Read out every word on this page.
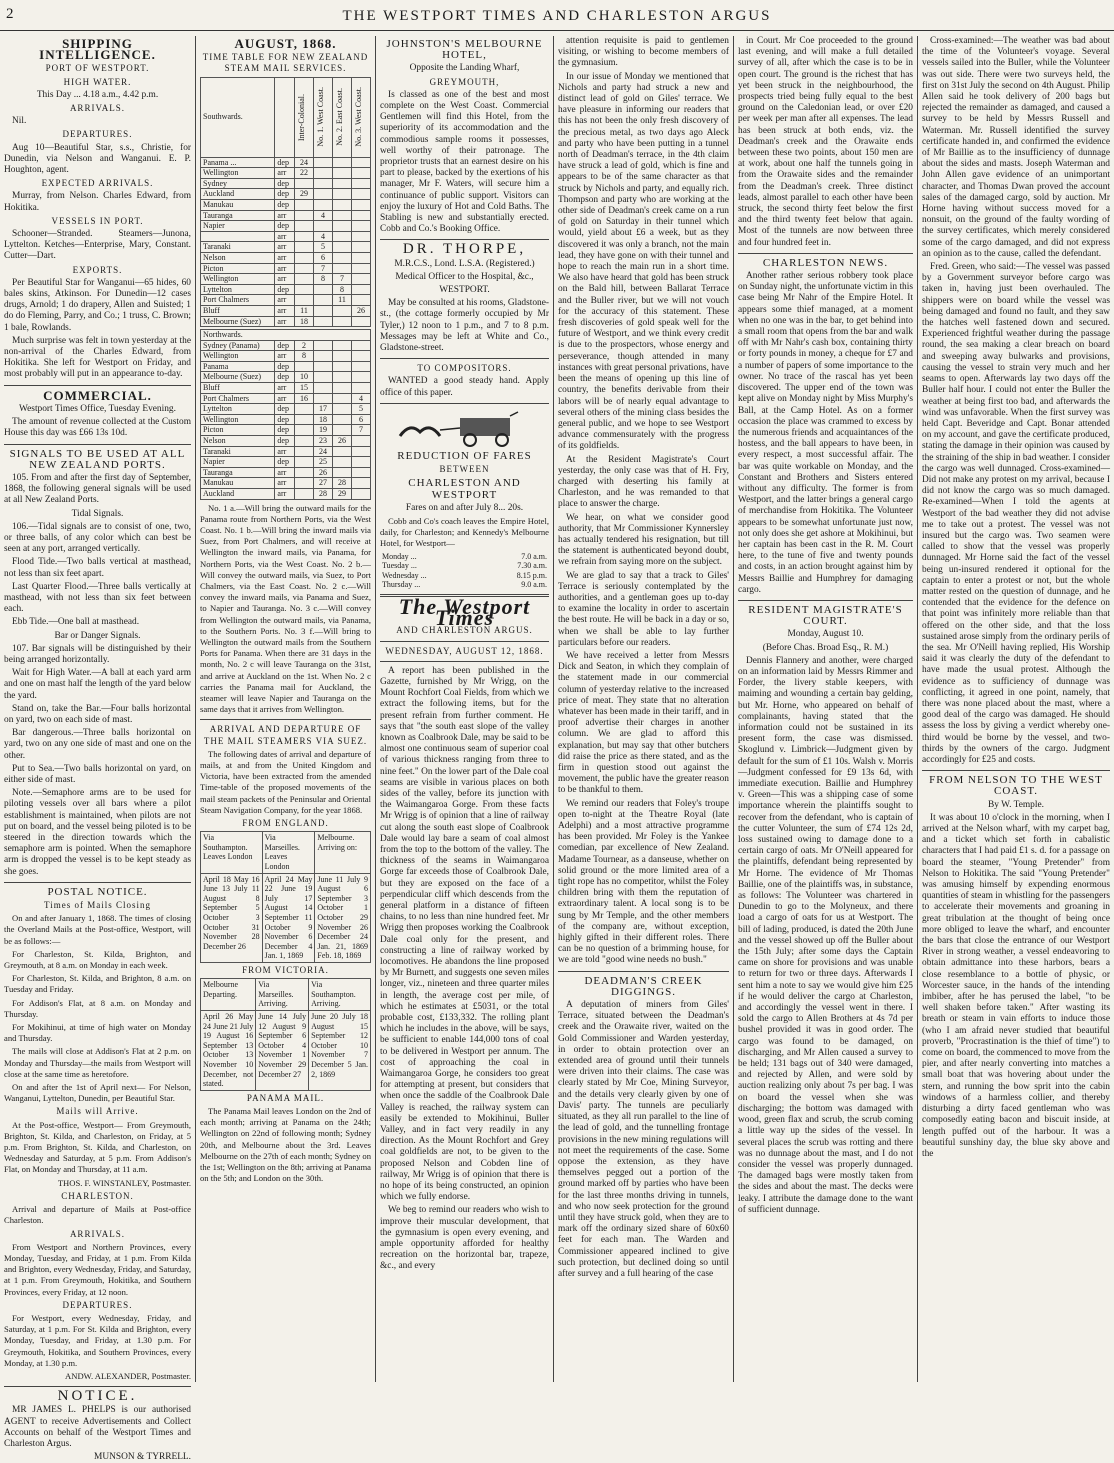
2	THE WESTPORT TIMES AND CHARLESTON ARGUS
SHIPPING INTELLIGENCE.
PORT OF WESTPORT.
HIGH WATER.

This Day ... 4.18 a.m., 4.42 p.m.

ARRIVALS.

Nil.

DEPARTURES.

Aug 10—Beautiful Star, s.s., Christie, for Dunedin, via Nelson and Wanganui. E. P. Houghton, agent.

EXPECTED ARRIVALS.

Murray, from Nelson. Charles Edward, from Hokitika.

VESSELS IN PORT.

Schooner—Stranded. Steamers—Junona, Lyttelton. Ketches—Enterprise, Mary, Constant. Cutter—Dart.

EXPORTS.

Per Beautiful Star for Wanganui—65 hides, 60 bales skins, Atkinson. For Dunedin—12 cases drugs, Arnold; 1 do drapery, Allen and Suisted; 1 do do Fleming, Parry, and Co.; 1 truss, C. Brown; 1 bale, Rowlands.

Much surprise was felt in town yesterday at the non-arrival of the Charles Edward, from Hokitika. She left for Westport on Friday, and most probably will put in an appearance to-day.

COMMERCIAL.

Westport Times Office, Tuesday Evening.

The amount of revenue collected at the Custom House this day was £66 13s 10d.

SIGNALS TO BE USED AT ALL NEW ZEALAND PORTS.

105. From and after the first day of September, 1868, the following general signals will be used at all New Zealand Ports.

Tidal Signals.

106.—Tidal signals are to consist of one, two, or three balls, of any color which can best be seen at any port, arranged vertically.

Flood Tide.—Two balls vertical at masthead, not less than six feet apart.

Last Quarter Flood.—Three balls vertically at masthead, with not less than six feet between each.

Ebb Tide.—One ball at masthead.

Bar or Danger Signals.

107. Bar signals will be distinguished by their being arranged horizontally.

Wait for High Water.—A ball at each yard arm and one on mast half the length of the yard below the yard.

Stand on, take the Bar.—Four balls horizontal on yard, two on each side of mast.

Bar dangerous.—Three balls horizontal on yard, two on any one side of mast and one on the other.

Put to Sea.—Two balls horizontal on yard, on either side of mast.

Note.—Semaphore arms are to be used for piloting vessels over all bars where a pilot establishment is maintained, when pilots are not put on board, and the vessel being piloted is to be steered in the direction towards which the semaphore arm is pointed. When the semaphore arm is dropped the vessel is to be kept steady as she goes.

POSTAL NOTICE.
Times of Mails Closing

On and after January 1, 1868. The times of closing the Overland Mails at the Post-office, Westport, will be as follows:—

For Charleston, St. Kilda, Brighton, and Greymouth, at 8 a.m. on Monday in each week.

For Charleston, St. Kilda, and Brighton, 8 a.m. on Tuesday and Friday.

For Addison's Flat, at 8 a.m. on Monday and Thursday.

For Mokihinui, at time of high water on Monday and Thursday.

The mails will close at Addison's Flat at 2 p.m. on Monday and Thursday—the mails from Westport will close at the same time as heretofore.

On and after the 1st of April next— For Nelson, Wanganui, Lyttelton, Dunedin, per Beautiful Star.

Mails will Arrive.

At the Post-office, Westport— From Greymouth, Brighton, St. Kilda, and Charleston, on Friday, at 5 p.m. From Brighton, St. Kilda, and Charleston, on Wednesday and Saturday, at 5 p.m. From Addison's Flat, on Monday and Thursday, at 11 a.m.

THOS. F. WINSTANLEY, Postmaster.

CHARLESTON.

Arrival and departure of Mails at Post-office Charleston.

ARRIVALS.

From Westport and Northern Provinces, every Monday, Tuesday, and Friday, at 1 p.m. From Kilda and Brighton, every Wednesday, Friday, and Saturday, at 1 p.m. From Greymouth, Hokitika, and Southern Provinces, every Friday, at 12 noon.

DEPARTURES.

For Westport, every Wednesday, Friday, and Saturday, at 1 p.m. For St. Kilda and Brighton, every Monday, Tuesday, and Friday, at 1.30 p.m. For Greymouth, Hokitika, and Southern Provinces, every Monday, at 1.30 p.m.

ANDW. ALEXANDER, Postmaster.

NOTICE.

MR JAMES L. PHELPS is our authorised AGENT to receive Advertisements and Collect Accounts on behalf of the Westport Times and Charleston Argus.

MUNSON & TYRRELL.

AUGUST, 1868.
TIME TABLE FOR NEW ZEALAND STEAM MAIL SERVICES.
Southwards.		Inter-Colonial.	No. 1. West Coast.	No. 2. East Coast.	No. 3. West Coast.

Panama ...	dep	24			
Wellington	arr	22			
Sydney	dep				
Auckland	dep	29			
Manukau	dep				
Tauranga	arr		4		
Napier	dep				
	arr		4		
Taranaki	arr		5		
Nelson	arr		6		
Picton	arr		7		
Wellington	arr		8	7	
Lyttelton	dep			8	
Port Chalmers	arr			11	
Bluff	arr	11			26
Melbourne (Suez)	arr	18			
Northwards.					
Sydney (Panama)	dep	2			
Wellington	arr	8			
Panama	dep				
Melbourne (Suez)	dep	10			
Bluff	arr	15			
Port Chalmers	arr	16			4
Lyttelton	dep		17		5
Wellington	dep		18		6
Picton	dep		19		7
Nelson	dep		23	26	
Taranaki	arr		24		
Napier	dep		25		
Tauranga	arr		26		
Manukau	arr		27	28	
Auckland	arr		28	29	

No. 1 a.—Will bring the outward mails for the Panama route from Northern Ports, via the West Coast. No. 1 b.—Will bring the inward mails via Suez, from Port Chalmers, and will receive at Wellington the inward mails, via Panama, for Northern Ports, via the West Coast. No. 2 b.—Will convey the outward mails, via Suez, to Port Chalmers, via the East Coast. No. 2 c.—Will convey the inward mails, via Panama and Suez, to Napier and Tauranga. No. 3 c.—Will convey from Wellington the outward mails, via Panama, to the Southern Ports. No. 3 f.—Will bring to Wellington the outward mails from the Southern Ports for Panama. When there are 31 days in the month, No. 2 c will leave Tauranga on the 31st, and arrive at Auckland on the 1st. When No. 2 c carries the Panama mail for Auckland, the steamer will leave Napier and Tauranga on the same days that it arrives from Wellington.

ARRIVAL AND DEPARTURE OF THE MAIL STEAMERS VIA SUEZ.

The following dates of arrival and departure of mails, at and from the United Kingdom and Victoria, have been extracted from the amended Time-table of the proposed movements of the mail steam packets of the Peninsular and Oriental Steam Navigation Company, for the year 1868.

FROM ENGLAND.
Via Southampton. Leaves London	Via Marseilles. Leaves London	Melbourne. Arriving on:
April 18 May 16 June 13 July 11 August 8 September 5 October 3 October 31 November 28 December 26	April 24 May 22 June 19 July 17 August 14 September 11 October 9 November 6 December 4 Jan. 1, 1869	June 11 July 9 August 6 September 3 October 1 October 29 November 26 December 24 Jan. 21, 1869 Feb. 18, 1869
FROM VICTORIA.
Melbourne Departing.	Via Marseilles. Arriving.	Via Southampton. Arriving.
April 26 May 24 June 21 July 19 August 16 September 13 October 13 November 10 December, not stated.	June 14 July 12 August 9 September 6 October 4 November 1 November 29 December 27	June 20 July 18 August 15 September 12 October 10 November 7 December 5 Jan. 2, 1869
PANAMA MAIL.

The Panama Mail leaves London on the 2nd of each month; arriving at Panama on the 24th; Wellington on 22nd of following month; Sydney 20th, and Melbourne about the 3rd. Leaves Melbourne on the 27th of each month; Sydney on the 1st; Wellington on the 8th; arriving at Panama on the 5th; and London on the 30th.

JOHNSTON'S MELBOURNE HOTEL,

Opposite the Landing Wharf,

GREYMOUTH,

Is classed as one of the best and most complete on the West Coast. Commercial Gentlemen will find this Hotel, from the superiority of its accommodation and the commodious sample rooms it possesses, well worthy of their patronage. The proprietor trusts that an earnest desire on his part to please, backed by the exertions of his manager, Mr F. Waters, will secure him a continuance of public support. Visitors can enjoy the luxury of Hot and Cold Baths. The Stabling is new and substantially erected. Cobb and Co.'s Booking Office.

DR. THORPE,

M.R.C.S., Lond. L.S.A. (Registered.)

Medical Officer to the Hospital, &c.,

WESTPORT.

May be consulted at his rooms, Gladstone-st., (the cottage formerly occupied by Mr Tyler,) 12 noon to 1 p.m., and 7 to 8 p.m. Messages may be left at White and Co., Gladstone-street.

TO COMPOSITORS.

WANTED a good steady hand. Apply office of this paper.

REDUCTION OF FARES
BETWEEN
CHARLESTON AND WESTPORT

Fares on and after July 8... 20s.

Cobb and Co's coach leaves the Empire Hotel, daily, for Charleston; and Kennedy's Melbourne Hotel, for Westport—

Monday ...	7.0 a.m.
Tuesday ...	7.30 a.m.
Wednesday ...	8.15 p.m.
Thursday ...	9.0 a.m.
The Westport Times
AND CHARLESTON ARGUS.
WEDNESDAY, AUGUST 12, 1868.

A report has been published in the Gazette, furnished by Mr Wrigg, on the Mount Rochfort Coal Fields, from which we extract the following items, but for the present refrain from further comment. He says that "the south east slope of the valley known as Coalbrook Dale, may be said to be almost one continuous seam of superior coal of various thickness ranging from three to nine feet." On the lower part of the Dale coal seams are visible in various places on both sides of the valley, before its junction with the Waimangaroa Gorge. From these facts Mr Wrigg is of opinion that a line of railway cut along the south east slope of Coalbrook Dale would lay bare a seam of coal almost from the top to the bottom of the valley. The thickness of the seams in Waimangaroa Gorge far exceeds those of Coalbrook Dale, but they are exposed on the face of a perpendicular cliff which descends from the general platform in a distance of fifteen chains, to no less than nine hundred feet. Mr Wrigg then proposes working the Coalbrook Dale coal only for the present, and constructing a line of railway worked by locomotives. He abandons the line proposed by Mr Burnett, and suggests one seven miles longer, viz., nineteen and three quarter miles in length, the average cost per mile, of which he estimates at £5031, or the total probable cost, £133,332. The rolling plant which he includes in the above, will be says, be sufficient to enable 144,000 tons of coal to be delivered in Westport per annum. The cost of approaching the coal in Waimangaroa Gorge, he considers too great for attempting at present, but considers that when once the saddle of the Coalbrook Dale Valley is reached, the railway system can easily be extended to Mokihinui, Buller Valley, and in fact very readily in any direction. As the Mount Rochfort and Grey coal goldfields are not, to be given to the proposed Nelson and Cobden line of railway, Mr Wrigg is of opinion that there is no hope of its being constructed, an opinion which we fully endorse.

We beg to remind our readers who wish to improve their muscular development, that the gymnasium is open every evening, and ample opportunity afforded for healthy recreation on the horizontal bar, trapeze, &c., and every

attention requisite is paid to gentlemen visiting, or wishing to become members of the gymnasium.

In our issue of Monday we mentioned that Nichols and party had struck a new and distinct lead of gold on Giles' terrace. We have pleasure in informing our readers that this has not been the only fresh discovery of the precious metal, as two days ago Aleck and party who have been putting in a tunnel north of Deadman's terrace, in the 4th claim have struck a lead of gold, which is fine and appears to be of the same character as that struck by Nichols and party, and equally rich. Thompson and party who are working at the other side of Deadman's creek came on a run of gold on Saturday in their tunnel which would, yield about £6 a week, but as they discovered it was only a branch, not the main lead, they have gone on with their tunnel and hope to reach the main run in a short time. We also have heard that gold has been struck on the Bald hill, between Ballarat Terrace and the Buller river, but we will not vouch for the accuracy of this statement. These fresh discoveries of gold speak well for the future of Westport, and we think every credit is due to the prospectors, whose energy and perseverance, though attended in many instances with great personal privations, have been the means of opening up this line of country, the benefits derivable from their labors will be of nearly equal advantage to several others of the mining class besides the general public, and we hope to see Westport advance commensurately with the progress of its goldfields.

At the Resident Magistrate's Court yesterday, the only case was that of H. Fry, charged with deserting his family at Charleston, and he was remanded to that place to answer the charge.

We hear, on what we consider good authority, that Mr Commissioner Kynnersley has actually tendered his resignation, but till the statement is authenticated beyond doubt, we refrain from saying more on the subject.

We are glad to say that a track to Giles' Terrace is seriously contemplated by the authorities, and a gentleman goes up to-day to examine the locality in order to ascertain the best route. He will be back in a day or so, when we shall be able to lay further particulars before our readers.

We have received a letter from Messrs Dick and Seaton, in which they complain of the statement made in our commercial column of yesterday relative to the increased price of meat. They state that no alteration whatever has been made in their tariff, and in proof advertise their charges in another column. We are glad to afford this explanation, but may say that other butchers did raise the price as there stated, and as the firm in question stood out against the movement, the public have the greater reason to be thankful to them.

We remind our readers that Foley's troupe open to-night at the Theatre Royal (late Adelphi) and a most attractive programme has been provided. Mr Foley is the Yankee comedian, par excellence of New Zealand. Madame Tournear, as a danseuse, whether on solid ground or the more limited area of a tight rope has no competitor, whilst the Foley children bring with them the reputation of extraordinary talent. A local song is to be sung by Mr Temple, and the other members of the company are, without exception, highly gifted in their different roles. There can be no question of a brimming house, for we are told "good wine needs no bush."

DEADMAN'S CREEK DIGGINGS.

A deputation of miners from Giles' Terrace, situated between the Deadman's creek and the Orawaite river, waited on the Gold Commissioner and Warden yesterday, in order to obtain protection over an extended area of ground until their tunnels were driven into their claims. The case was clearly stated by Mr Coe, Mining Surveyor, and the details very clearly given by one of Davis' party. The tunnels are peculiarly situated, as they all run parallel to the line of the lead of gold, and the tunnelling frontage provisions in the new mining regulations will not meet the requirements of the case. Some oppose the extension, as they have themselves pegged out a portion of the ground marked off by parties who have been for the last three months driving in tunnels, and who now seek protection for the ground until they have struck gold, when they are to mark off the ordinary sized share of 60x60 feet for each man. The Warden and Commissioner appeared inclined to give such protection, but declined doing so until after survey and a full hearing of the case

in Court. Mr Coe proceeded to the ground last evening, and will make a full detailed survey of all, after which the case is to be in open court. The ground is the richest that has yet been struck in the neighbourhood, the prospects tried being fully equal to the best ground on the Caledonian lead, or over £20 per week per man after all expenses. The lead has been struck at both ends, viz. the Deadman's creek and the Orawaite ends between these two points, about 150 men are at work, about one half the tunnels going in from the Orawaite sides and the remainder from the Deadman's creek. Three distinct leads, almost parallel to each other have been struck, the second thirty feet below the first and the third twenty feet below that again. Most of the tunnels are now between three and four hundred feet in.

CHARLESTON NEWS.

Another rather serious robbery took place on Sunday night, the unfortunate victim in this case being Mr Nahr of the Empire Hotel. It appears some thief managed, at a moment when no one was in the bar, to get behind into a small room that opens from the bar and walk off with Mr Nahr's cash box, containing thirty or forty pounds in money, a cheque for £7 and a number of papers of some importance to the owner. No trace of the rascal has yet been discovered. The upper end of the town was kept alive on Monday night by Miss Murphy's Ball, at the Camp Hotel. As on a former occasion the place was crammed to excess by the numerous friends and acquaintances of the hostess, and the ball appears to have been, in every respect, a most successful affair. The bar was quite workable on Monday, and the Constant and Brothers and Sisters entered without any difficulty. The former is from Westport, and the latter brings a general cargo of merchandise from Hokitika. The Volunteer appears to be somewhat unfortunate just now, not only does she get ashore at Mokihinui, but her captain has been cast in the R. M. Court here, to the tune of five and twenty pounds and costs, in an action brought against him by Messrs Baillie and Humphrey for damaging cargo.

RESIDENT MAGISTRATE'S COURT.

Monday, August 10.

(Before Chas. Broad Esq., R. M.)

Dennis Flannery and another, were charged on an information laid by Messrs Rimmer and Forder, the livery stable keepers, with maiming and wounding a certain bay gelding, but Mr. Horne, who appeared on behalf of complainants, having stated that the information could not be sustained in its present form, the case was dismissed. Skoglund v. Limbrick—Judgment given by default for the sum of £1 10s. Walsh v. Morris—Judgment confessed for £9 13s 6d, with immediate execution. Baillie and Humphrey v. Green—This was a shipping case of some importance wherein the plaintiffs sought to recover from the defendant, who is captain of the cutter Volunteer, the sum of £74 12s 2d, loss sustained owing to damage done to a certain cargo of oats. Mr O'Neill appeared for the plaintiffs, defendant being represented by Mr Horne. The evidence of Mr Thomas Baillie, one of the plaintiffs was, in substance, as follows: The Volunteer was chartered in Dunedin to go to the Molyneux, and there load a cargo of oats for us at Westport. The bill of lading, produced, is dated the 20th June and the vessel showed up off the Buller about the 15th July; after some days the Captain came on shore for provisions and was unable to return for two or three days. Afterwards I sent him a note to say we would give him £25 if he would deliver the cargo at Charleston, and accordingly the vessel went in there. I sold the cargo to Allen Brothers at 4s 7d per bushel provided it was in good order. The cargo was found to be damaged, on discharging, and Mr Allen caused a survey to be held; 131 bags out of 340 were damaged, and rejected by Allen, and were sold by auction realizing only about 7s per bag. I was on board the vessel when she was discharging; the bottom was damaged with wood, green flax and scrub, the scrub coming a little way up the sides of the vessel. In several places the scrub was rotting and there was no dunnage about the mast, and I do not consider the vessel was properly dunnaged. The damaged bags were mostly taken from the sides and about the mast. The decks were leaky. I attribute the damage done to the want of sufficient dunnage.

Cross-examined:—The weather was bad about the time of the Volunteer's voyage. Several vessels sailed into the Buller, while the Volunteer was out side. There were two surveys held, the first on 31st July the second on 4th August. Philip Allen said he took delivery of 200 bags but rejected the remainder as damaged, and caused a survey to be held by Messrs Russell and Waterman. Mr. Russell identified the survey certificate handed in, and confirmed the evidence of Mr Baillie as to the insufficiency of dunnage about the sides and masts. Joseph Waterman and John Allen gave evidence of an unimportant character, and Thomas Dwan proved the account sales of the damaged cargo, sold by auction. Mr Horne having without success moved for a nonsuit, on the ground of the faulty wording of the survey certificates, which merely considered some of the cargo damaged, and did not express an opinion as to the cause, called the defendant.

Fred. Green, who said:—The vessel was passed by a Government surveyor before cargo was taken in, having just been overhauled. The shippers were on board while the vessel was being damaged and found no fault, and they saw the hatches well fastened down and secured. Experienced frightful weather during the passage round, the sea making a clear breach on board and sweeping away bulwarks and provisions, causing the vessel to strain very much and her seams to open. Afterwards lay two days off the Buller half hour. I could not enter the Buller the weather at being first too bad, and afterwards the wind was unfavorable. When the first survey was held Capt. Beveridge and Capt. Bonar attended on my account, and gave the certificate produced, stating the damage in their opinion was caused by the straining of the ship in bad weather. I consider the cargo was well dunnaged. Cross-examined—Did not make any protest on my arrival, because I did not know the cargo was so much damaged. Re-examined—When I told the agents at Westport of the bad weather they did not advise me to take out a protest. The vessel was not insured but the cargo was. Two seamen were called to show that the vessel was properly dunnaged. Mr Horne said the fact of the vessel being un-insured rendered it optional for the captain to enter a protest or not, but the whole matter rested on the question of dunnage, and he contended that the evidence for the defence on that point was infinitely more reliable than that offered on the other side, and that the loss sustained arose simply from the ordinary perils of the sea. Mr O'Neill having replied, His Worship said it was clearly the duty of the defendant to have made the usual protest. Although the evidence as to sufficiency of dunnage was conflicting, it agreed in one point, namely, that there was none placed about the mast, where a good deal of the cargo was damaged. He should assess the loss by giving a verdict whereby one-third would be borne by the vessel, and two-thirds by the owners of the cargo. Judgment accordingly for £25 and costs.

FROM NELSON TO THE WEST COAST.

By W. Temple.

It was about 10 o'clock in the morning, when I arrived at the Nelson wharf, with my carpet bag, and a ticket which set forth in cabalistic characters that I had paid £1 s. d. for a passage on board the steamer, "Young Pretender" from Nelson to Hokitika. The said "Young Pretender" was amusing himself by expending enormous quantities of steam in whistling for the passengers to accelerate their movements and groaning in great tribulation at the thought of being once more obliged to leave the wharf, and encounter the bars that close the entrance of our Westport River in strong weather, a vessel endeavoring to obtain admittance into these harbors, bears a close resemblance to a bottle of physic, or Worcester sauce, in the hands of the intending imbiber, after he has perused the label, "to be well shaken before taken." After wasting its breath or steam in vain efforts to induce those (who I am afraid never studied that beautiful proverb, "Procrastination is the thief of time") to come on board, the commenced to move from the pier, and after nearly converting into matches a small boat that was hovering about under the stern, and running the bow sprit into the cabin windows of a harmless collier, and thereby disturbing a dirty faced gentleman who was composedly eating bacon and biscuit inside, at length puffed out of the harbour. It was a beautiful sunshiny day, the blue sky above and the
